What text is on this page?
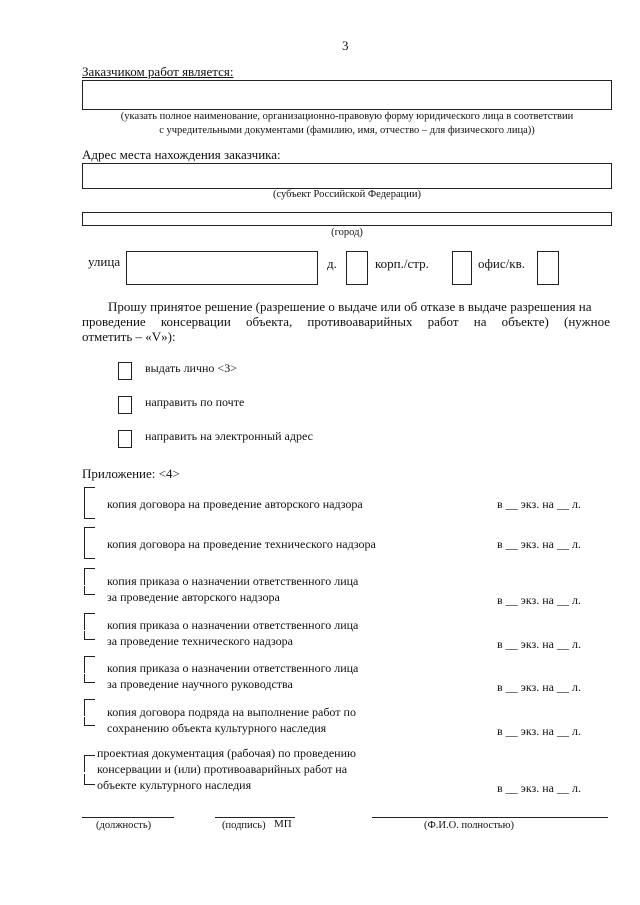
3
Заказчиком работ является:
(указать полное наименование, организационно-правовую форму юридического лица в соответствии
с учредительными документами (фамилию, имя, отчество – для физического лица))
Адрес места нахождения заказчика:
(субъект Российской Федерации)
(город)
улица	д.	корп./стр.	офис/кв.
Прошу принятое решение (разрешение о выдаче или об отказе в выдаче разрешения на
проведение консервации объекта, противоаварийных работ на объекте) (нужное
отметить – «V»):
выдать лично <3>
направить по почте
направить на электронный адрес
Приложение: <4>
копия договора на проведение авторского надзора	в __ экз. на __ л.
копия договора на проведение технического надзора	в __ экз. на __ л.
копия приказа о назначении ответственного лица
за проведение авторского надзора	в __ экз. на __ л.
копия приказа о назначении ответственного лица
за проведение технического надзора	в __ экз. на __ л.
копия приказа о назначении ответственного лица
за проведение научного руководства	в __ экз. на __ л.
копия договора подряда на выполнение работ по
сохранению объекта культурного наследия	в __ экз. на __ л.
проектиая документация (рабочая) по проведению
консервации и (или) противоаварийных работ на
объекте культурного наследия	в __ экз. на __ л.
(должность)	(подпись) МП	(Ф.И.О. полностью)
